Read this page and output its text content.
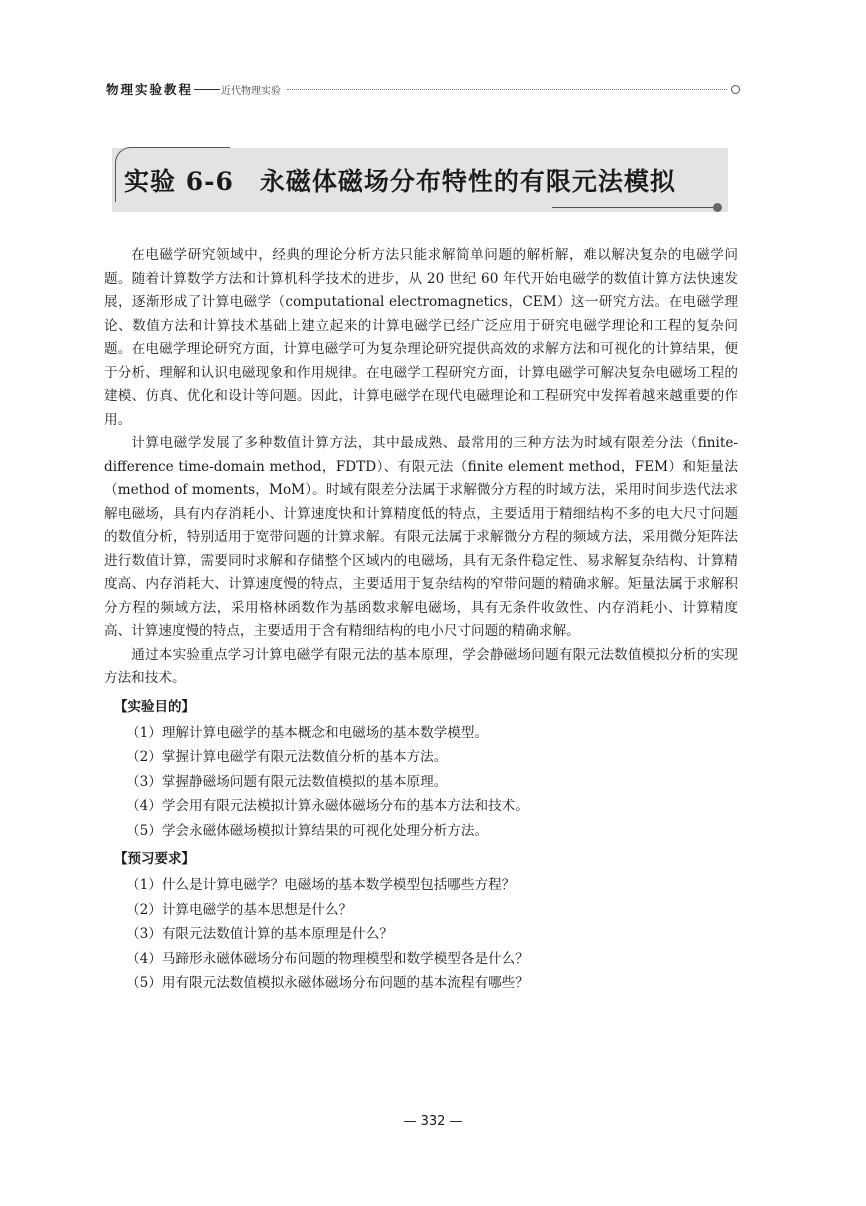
物理实验教程	近代物理实验
实验 6-6 永磁体磁场分布特性的有限元法模拟

在电磁学研究领域中，经典的理论分析方法只能求解简单问题的解析解，难以解决复杂的电磁学问题。随着计算数学方法和计算机科学技术的进步，从 20 世纪 60 年代开始电磁学的数值计算方法快速发展，逐渐形成了计算电磁学（computational electromagnetics，CEM）这一研究方法。在电磁学理论、数值方法和计算技术基础上建立起来的计算电磁学已经广泛应用于研究电磁学理论和工程的复杂问题。在电磁学理论研究方面，计算电磁学可为复杂理论研究提供高效的求解方法和可视化的计算结果，便于分析、理解和认识电磁现象和作用规律。在电磁学工程研究方面，计算电磁学可解决复杂电磁场工程的建模、仿真、优化和设计等问题。因此，计算电磁学在现代电磁理论和工程研究中发挥着越来越重要的作用。

计算电磁学发展了多种数值计算方法，其中最成熟、最常用的三种方法为时域有限差分法（finite-difference time-domain method，FDTD）、有限元法（finite element method，FEM）和矩量法（method of moments，MoM）。时域有限差分法属于求解微分方程的时域方法，采用时间步迭代法求解电磁场，具有内存消耗小、计算速度快和计算精度低的特点，主要适用于精细结构不多的电大尺寸问题的数值分析，特别适用于宽带问题的计算求解。有限元法属于求解微分方程的频域方法，采用微分矩阵法进行数值计算，需要同时求解和存储整个区域内的电磁场，具有无条件稳定性、易求解复杂结构、计算精度高、内存消耗大、计算速度慢的特点，主要适用于复杂结构的窄带问题的精确求解。矩量法属于求解积分方程的频域方法，采用格林函数作为基函数求解电磁场，具有无条件收敛性、内存消耗小、计算精度高、计算速度慢的特点，主要适用于含有精细结构的电小尺寸问题的精确求解。

通过本实验重点学习计算电磁学有限元法的基本原理，学会静磁场问题有限元法数值模拟分析的实现方法和技术。

【实验目的】
（1）理解计算电磁学的基本概念和电磁场的基本数学模型。
（2）掌握计算电磁学有限元法数值分析的基本方法。
（3）掌握静磁场问题有限元法数值模拟的基本原理。
（4）学会用有限元法模拟计算永磁体磁场分布的基本方法和技术。
（5）学会永磁体磁场模拟计算结果的可视化处理分析方法。
【预习要求】
（1）什么是计算电磁学？电磁场的基本数学模型包括哪些方程？
（2）计算电磁学的基本思想是什么？
（3）有限元法数值计算的基本原理是什么？
（4）马蹄形永磁体磁场分布问题的物理模型和数学模型各是什么？
（5）用有限元法数值模拟永磁体磁场分布问题的基本流程有哪些？
— 332 —
